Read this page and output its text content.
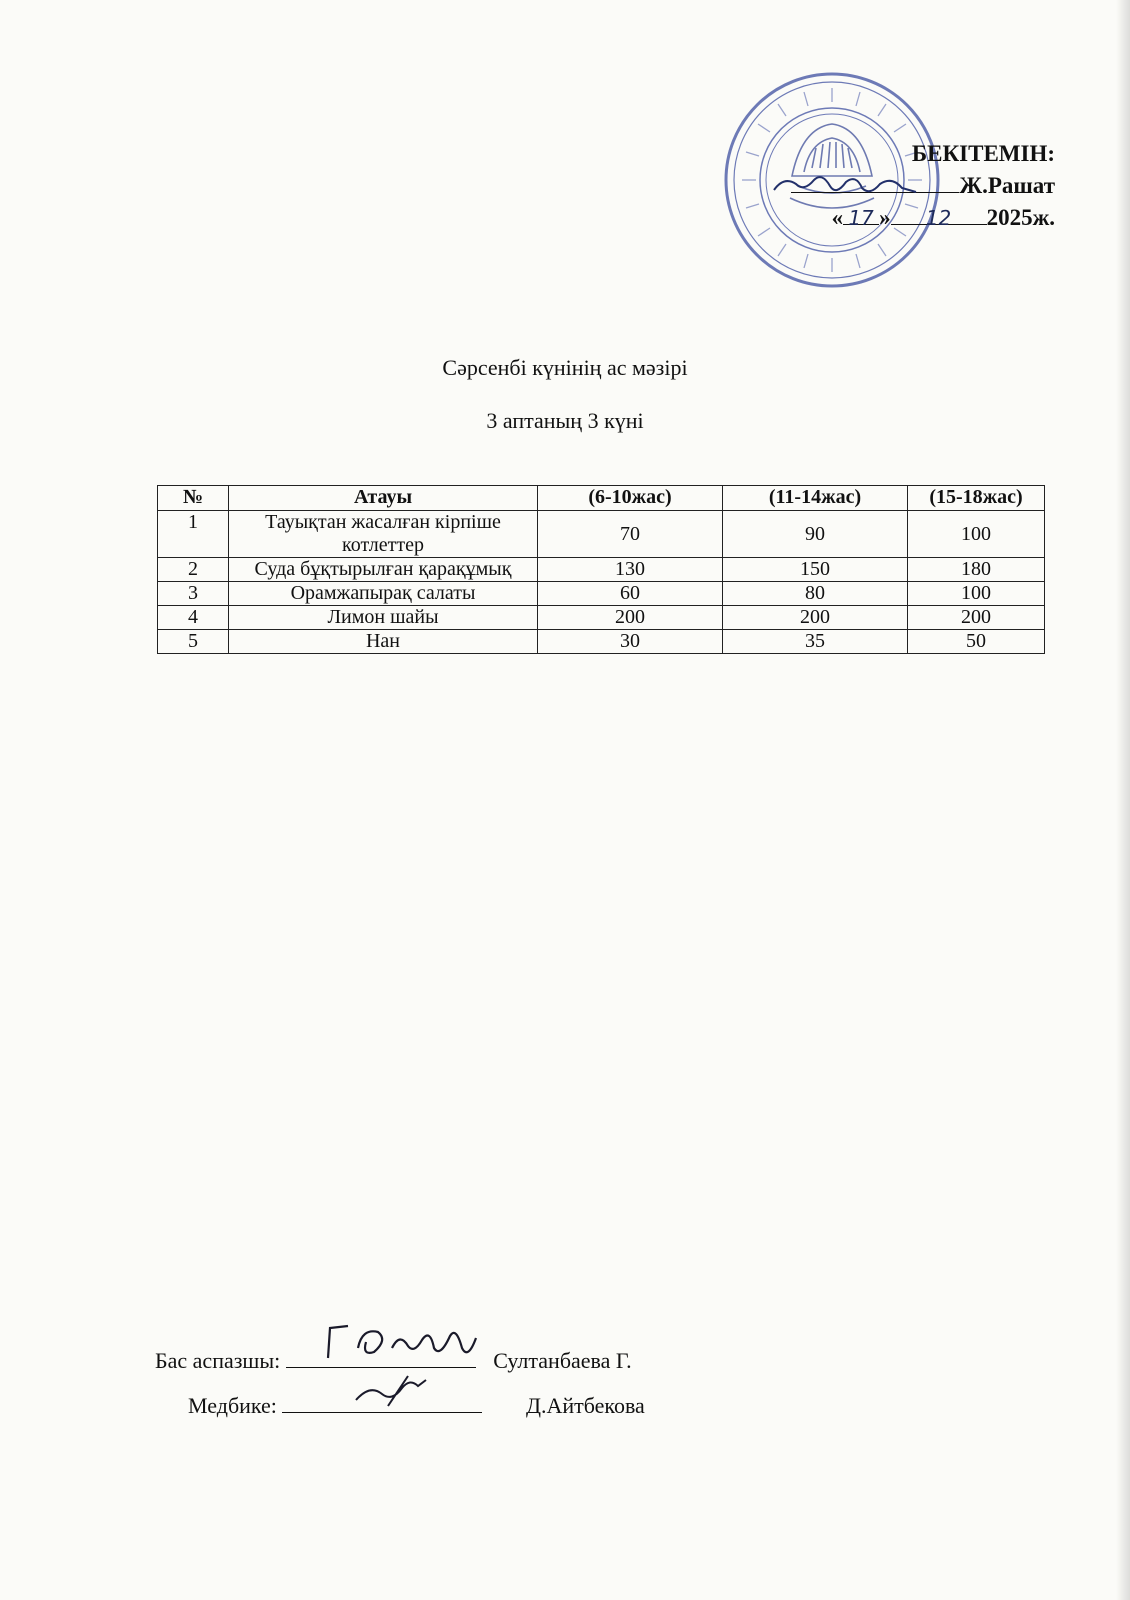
БЕКІТЕМІН:
Ж.Рашат
« 17 » 12 2025ж.
Сәрсенбі күнінің ас мәзірі
3 аптаның 3 күні
№	Атауы	(6-10жас)	(11-14жас)	(15-18жас)
1	Тауықтан жасалған кірпіше котлеттер	70	90	100
2	Суда бұқтырылған қарақұмық	130	150	180
3	Орамжапырақ салаты	60	80	100
4	Лимон шайы	200	200	200
5	Нан	30	35	50
Бас аспазшы:	Султанбаева Г.
Медбике:	Д.Айтбекова
